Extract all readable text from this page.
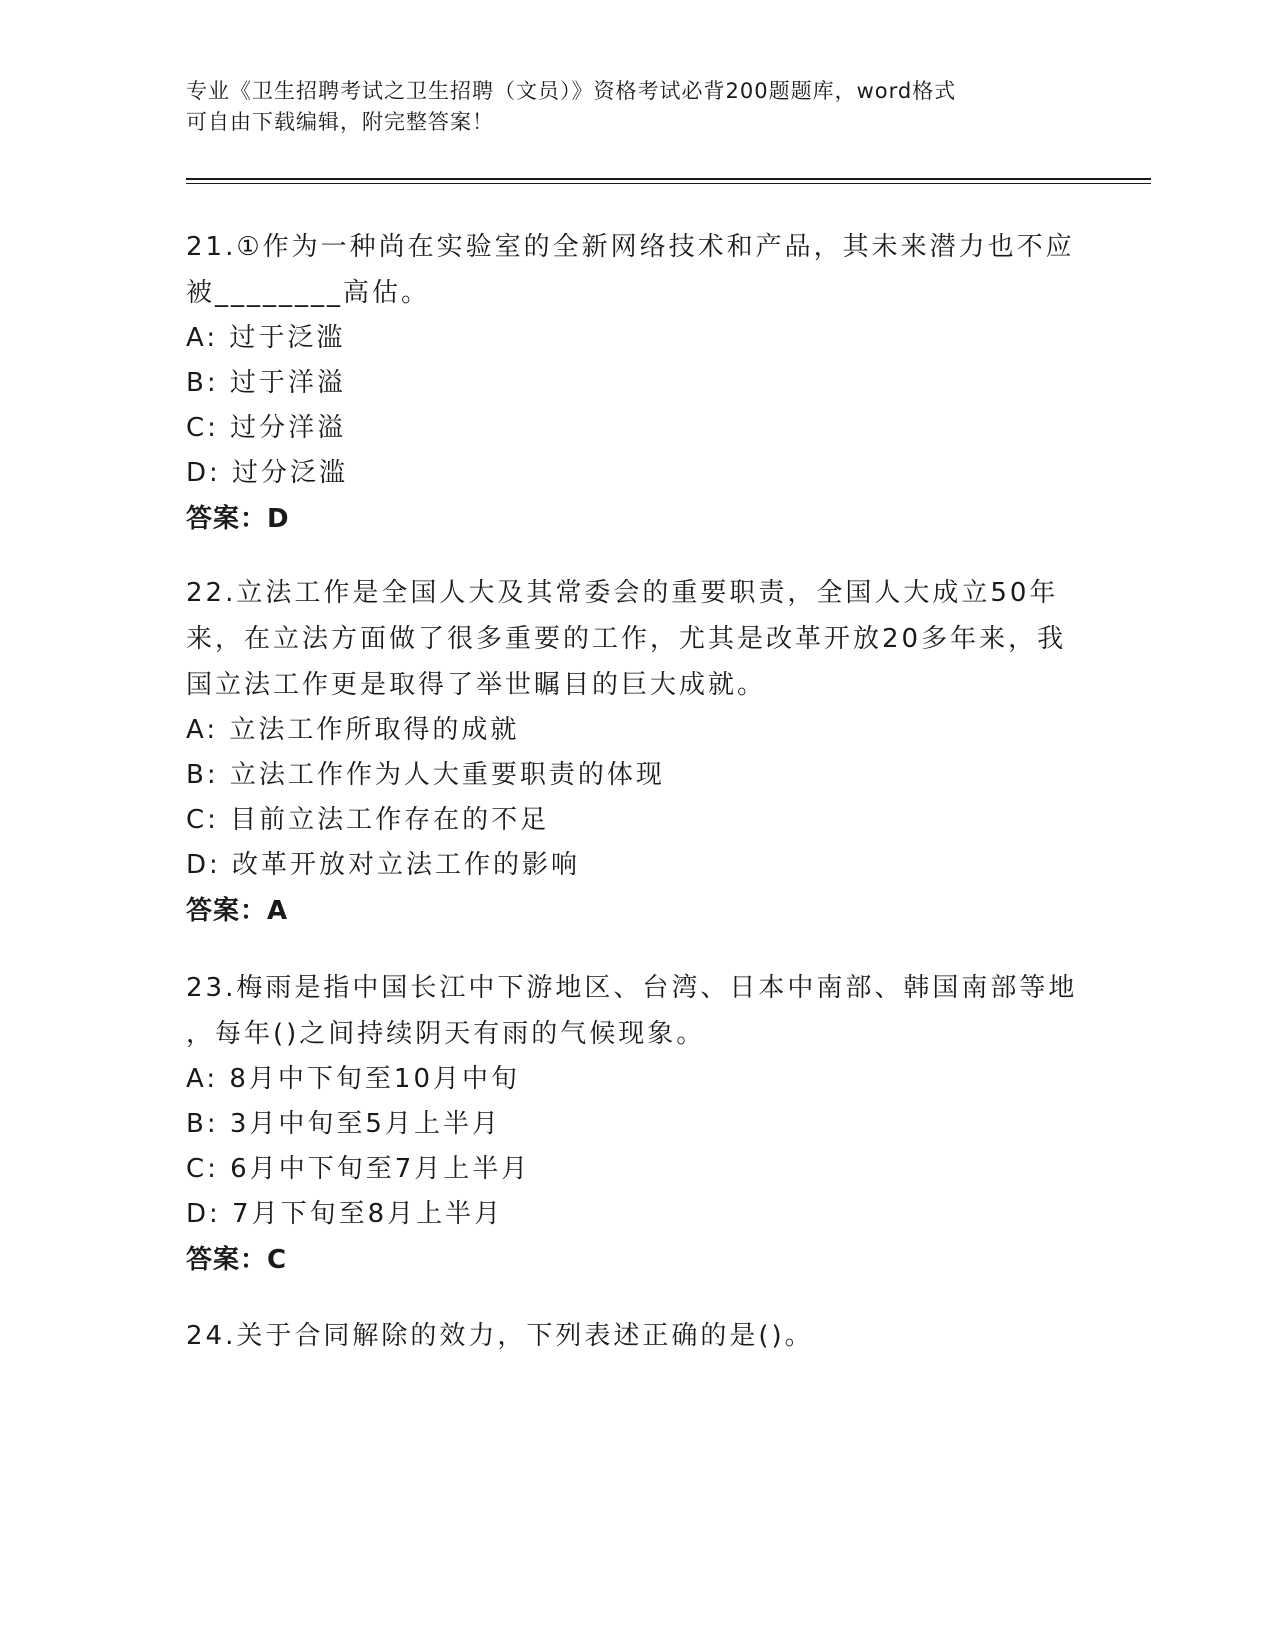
专业《卫生招聘考试之卫生招聘（文员）》资格考试必背200题题库，word格式
可自由下载编辑，附完整答案！
21.①作为一种尚在实验室的全新网络技术和产品，其未来潜力也不应
被________高估。
A: 过于泛滥
B: 过于洋溢
C: 过分洋溢
D: 过分泛滥
答案：D
22.立法工作是全国人大及其常委会的重要职责，全国人大成立50年
来，在立法方面做了很多重要的工作，尤其是改革开放20多年来，我
国立法工作更是取得了举世瞩目的巨大成就。
A: 立法工作所取得的成就
B: 立法工作作为人大重要职责的体现
C: 目前立法工作存在的不足
D: 改革开放对立法工作的影响
答案：A
23.梅雨是指中国长江中下游地区、台湾、日本中南部、韩国南部等地
，每年()之间持续阴天有雨的气候现象。
A: 8月中下旬至10月中旬
B: 3月中旬至5月上半月
C: 6月中下旬至7月上半月
D: 7月下旬至8月上半月
答案：C
24.关于合同解除的效力，下列表述正确的是()。
